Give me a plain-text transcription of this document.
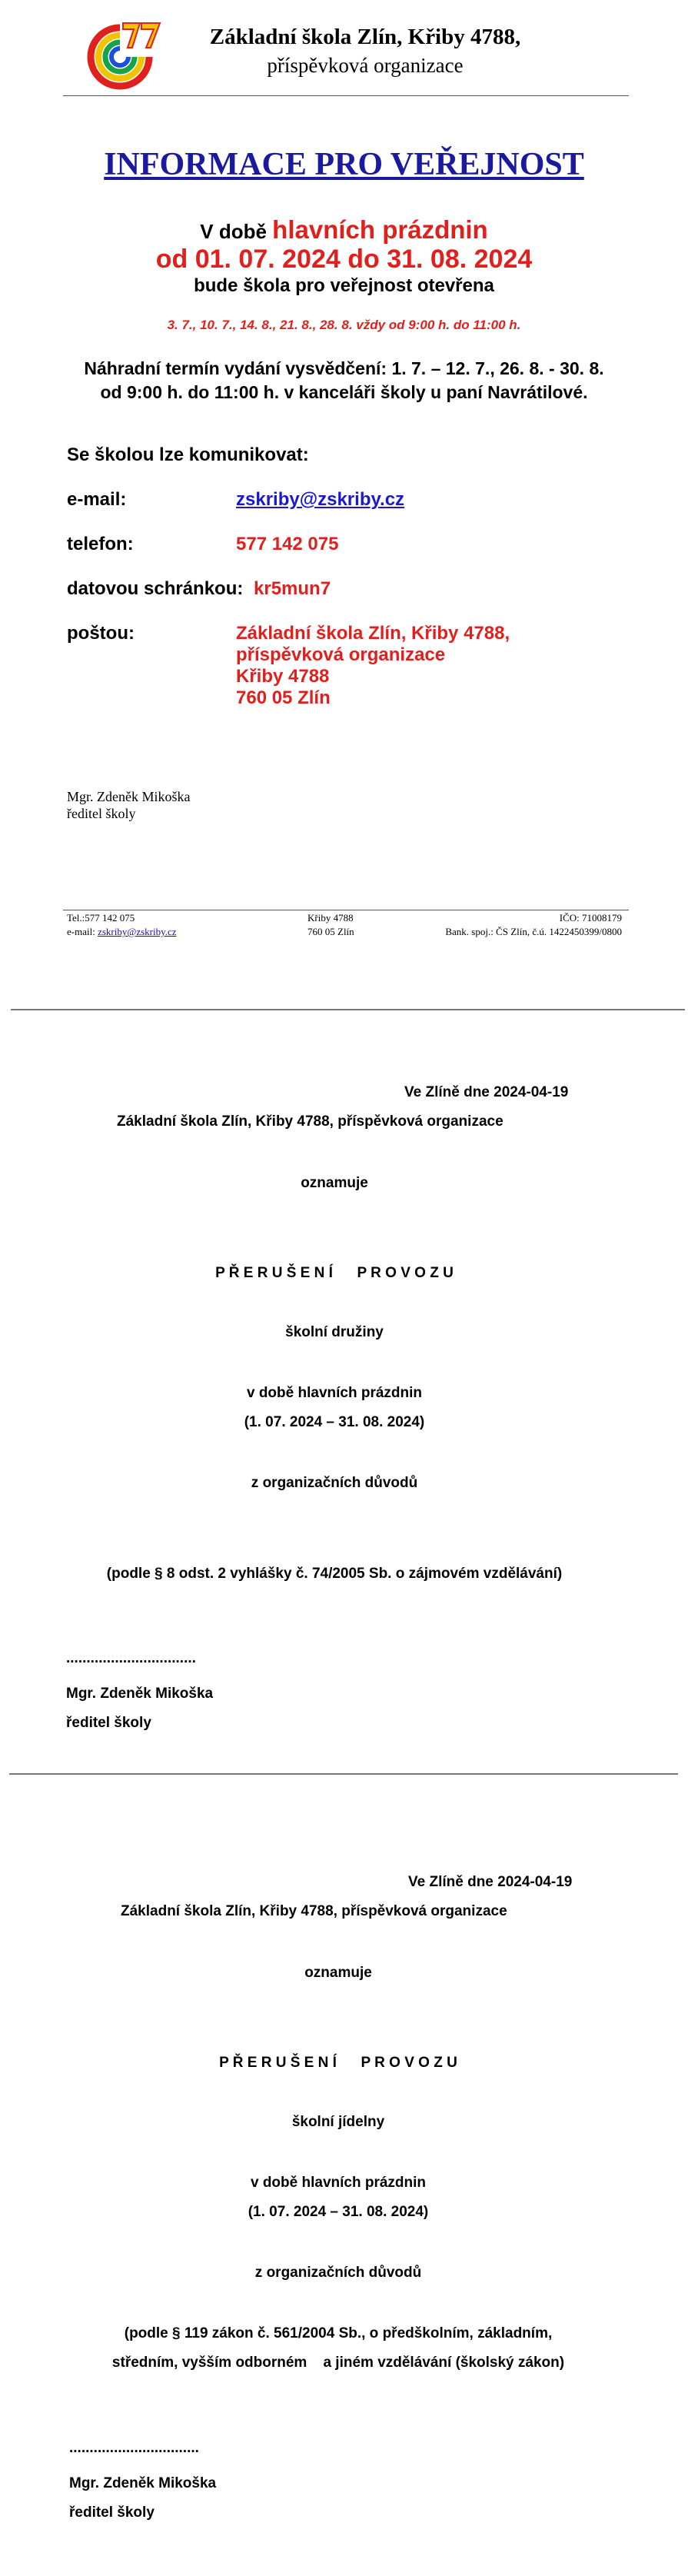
Základní škola Zlín, Křiby 4788,
příspěvková organizace
INFORMACE PRO VEŘEJNOST
V době hlavních prázdnin
od 01. 07. 2024 do 31. 08. 2024
bude škola pro veřejnost otevřena
3. 7., 10. 7., 14. 8., 21. 8., 28. 8. vždy od 9:00 h. do 11:00 h.
Náhradní termín vydání vysvědčení: 1. 7. – 12. 7., 26. 8. - 30. 8.
od 9:00 h. do 11:00 h. v kanceláři školy u paní Navrátilové.
Se školou lze komunikovat:
e-mail:	zskriby@zskriby.cz
telefon:	577 142 075
datovou schránkou: kr5mun7
poštou:	Základní škola Zlín, Křiby 4788,
příspěvková organizace
Křiby 4788
760 05 Zlín
Mgr. Zdeněk Mikoška
ředitel školy
Tel.:577 142 075
e-mail: zskriby@zskriby.cz
Křiby 4788
760 05 Zlín
IČO: 71008179
Bank. spoj.: ČS Zlín, č.ú. 1422450399/0800
Ve Zlíně dne 2024-04-19
Základní škola Zlín, Křiby 4788, příspěvková organizace
oznamuje
P Ř E R U Š E N Í      P R O V O Z U
školní družiny
v době hlavních prázdnin
(1. 07. 2024 – 31. 08. 2024)
z organizačních důvodů
(podle § 8 odst. 2 vyhlášky č. 74/2005 Sb. o zájmovém vzdělávání)
................................
Mgr. Zdeněk Mikoška
ředitel školy
Ve Zlíně dne 2024-04-19
Základní škola Zlín, Křiby 4788, příspěvková organizace
oznamuje
P Ř E R U Š E N Í      P R O V O Z U
školní jídelny
v době hlavních prázdnin
(1. 07. 2024 – 31. 08. 2024)
z organizačních důvodů
(podle § 119 zákon č. 561/2004 Sb., o předškolním, základním,
středním, vyšším odborném    a jiném vzdělávání (školský zákon)
................................
Mgr. Zdeněk Mikoška
ředitel školy
